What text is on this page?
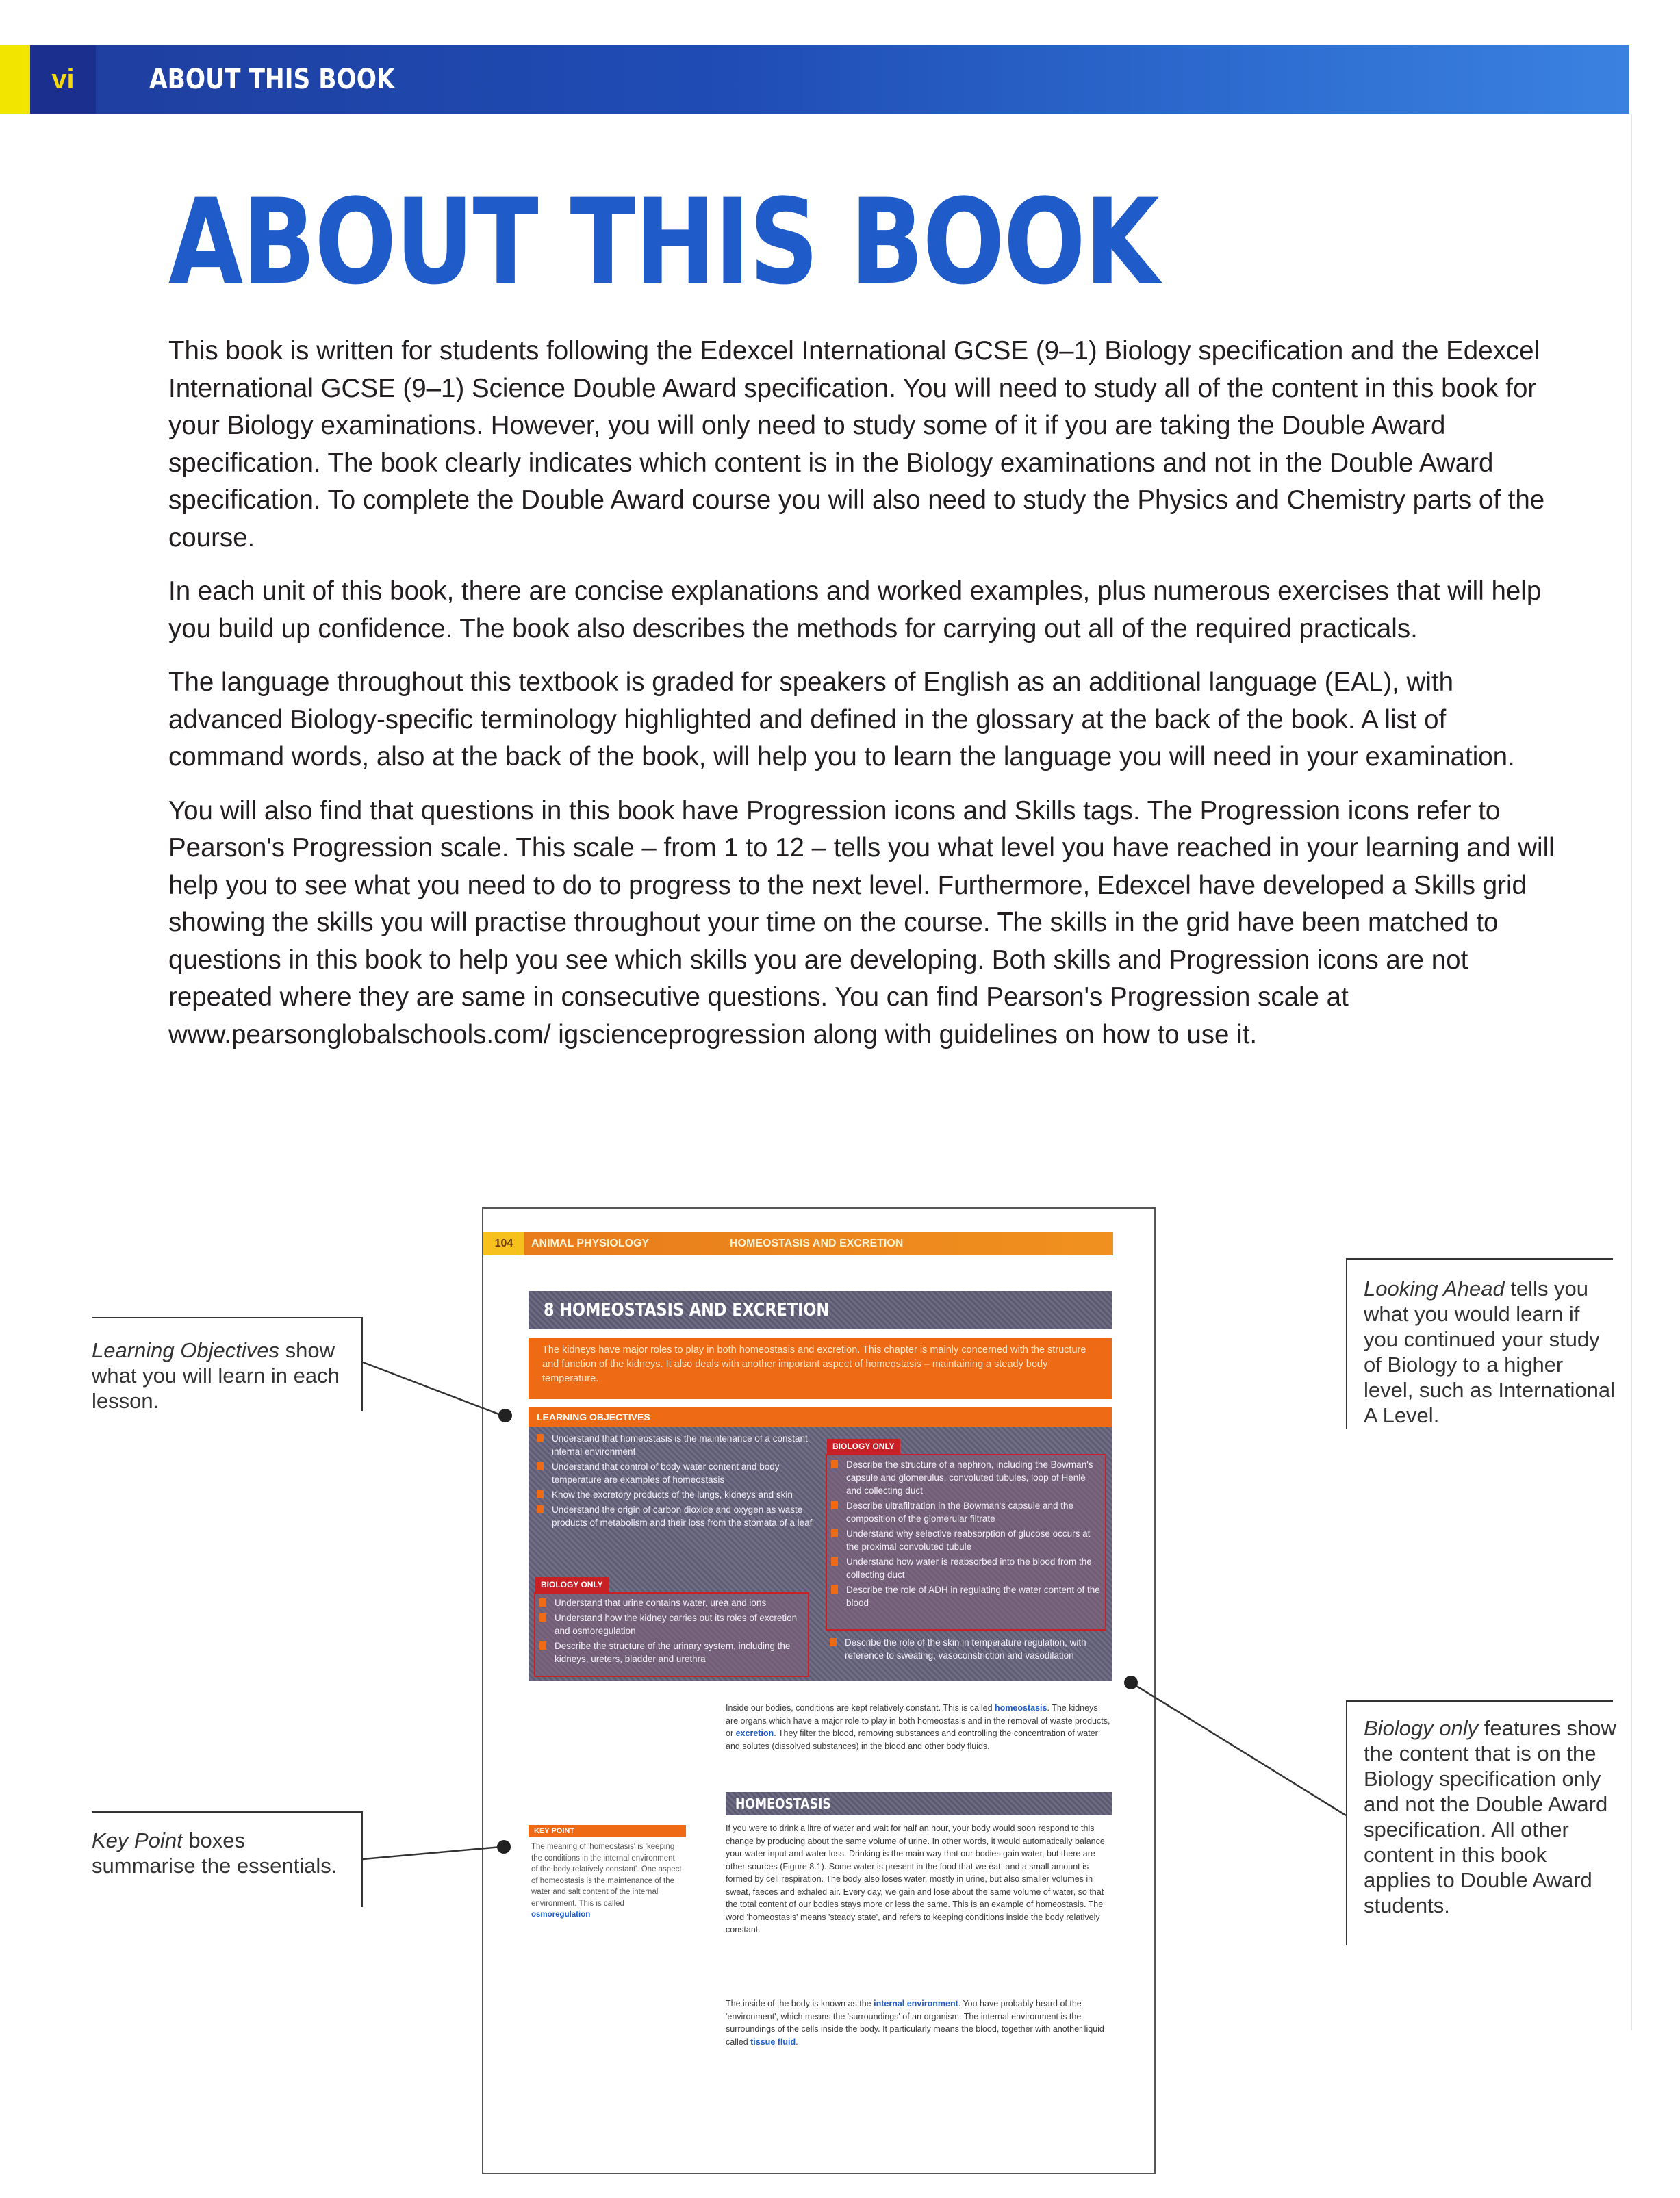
vi	ABOUT THIS BOOK
ABOUT THIS BOOK

This book is written for students following the Edexcel International GCSE (9–1) Biology specification and the Edexcel International GCSE (9–1) Science Double Award specification. You will need to study all of the content in this book for your Biology examinations. However, you will only need to study some of it if you are taking the Double Award specification. The book clearly indicates which content is in the Biology examinations and not in the Double Award specification. To complete the Double Award course you will also need to study the Physics and Chemistry parts of the course.

In each unit of this book, there are concise explanations and worked examples, plus numerous exercises that will help you build up confidence. The book also describes the methods for carrying out all of the required practicals.

The language throughout this textbook is graded for speakers of English as an additional language (EAL), with advanced Biology-specific terminology highlighted and defined in the glossary at the back of the book. A list of command words, also at the back of the book, will help you to learn the language you will need in your examination.

You will also find that questions in this book have Progression icons and Skills tags. The Progression icons refer to Pearson's Progression scale. This scale – from 1 to 12 – tells you what level you have reached in your learning and will help you to see what you need to do to progress to the next level. Furthermore, Edexcel have developed a Skills grid showing the skills you will practise throughout your time on the course. The skills in the grid have been matched to questions in this book to help you see which skills you are developing. Both skills and Progression icons are not repeated where they are same in consecutive questions. You can find Pearson's Progression scale at www.pearsonglobalschools.com/ igscienceprogression along with guidelines on how to use it.

104	ANIMAL PHYSIOLOGY	HOMEOSTASIS AND EXCRETION
8 HOMEOSTASIS AND EXCRETION
The kidneys have major roles to play in both homeostasis and excretion. This chapter is mainly concerned with the structure and function of the kidneys. It also deals with another important aspect of homeostasis – maintaining a steady body temperature.
LEARNING OBJECTIVES
Understand that homeostasis is the maintenance of a constant internal environment
Understand that control of body water content and body temperature are examples of homeostasis
Know the excretory products of the lungs, kidneys and skin
Understand the origin of carbon dioxide and oxygen as waste products of metabolism and their loss from the stomata of a leaf
BIOLOGY ONLY
Understand that urine contains water, urea and ions
Understand how the kidney carries out its roles of excretion and osmoregulation
Describe the structure of the urinary system, including the kidneys, ureters, bladder and urethra
BIOLOGY ONLY
Describe the structure of a nephron, including the Bowman's capsule and glomerulus, convoluted tubules, loop of Henlé and collecting duct
Describe ultrafiltration in the Bowman's capsule and the composition of the glomerular filtrate
Understand why selective reabsorption of glucose occurs at the proximal convoluted tubule
Understand how water is reabsorbed into the blood from the collecting duct
Describe the role of ADH in regulating the water content of the blood
Describe the role of the skin in temperature regulation, with reference to sweating, vasoconstriction and vasodilation
Inside our bodies, conditions are kept relatively constant. This is called homeostasis. The kidneys are organs which have a major role to play in both homeostasis and in the removal of waste products, or excretion. They filter the blood, removing substances and controlling the concentration of water and solutes (dissolved substances) in the blood and other body fluids.
HOMEOSTASIS
If you were to drink a litre of water and wait for half an hour, your body would soon respond to this change by producing about the same volume of urine. In other words, it would automatically balance your water input and water loss. Drinking is the main way that our bodies gain water, but there are other sources (Figure 8.1). Some water is present in the food that we eat, and a small amount is formed by cell respiration. The body also loses water, mostly in urine, but also smaller volumes in sweat, faeces and exhaled air. Every day, we gain and lose about the same volume of water, so that the total content of our bodies stays more or less the same. This is an example of homeostasis. The word 'homeostasis' means 'steady state', and refers to keeping conditions inside the body relatively constant.
The inside of the body is known as the internal environment. You have probably heard of the 'environment', which means the 'surroundings' of an organism. The internal environment is the surroundings of the cells inside the body. It particularly means the blood, together with another liquid called tissue fluid.
KEY POINT
The meaning of 'homeostasis' is 'keeping the conditions in the internal environment of the body relatively constant'. One aspect of homeostasis is the maintenance of the water and salt content of the internal environment. This is called osmoregulation
Learning Objectives show what you will learn in each lesson.
Key Point boxes summarise the essentials.
Looking Ahead tells you what you would learn if you continued your study of Biology to a higher level, such as International A Level.
Biology only features show the content that is on the Biology specification only and not the Double Award specification. All other content in this book applies to Double Award students.
